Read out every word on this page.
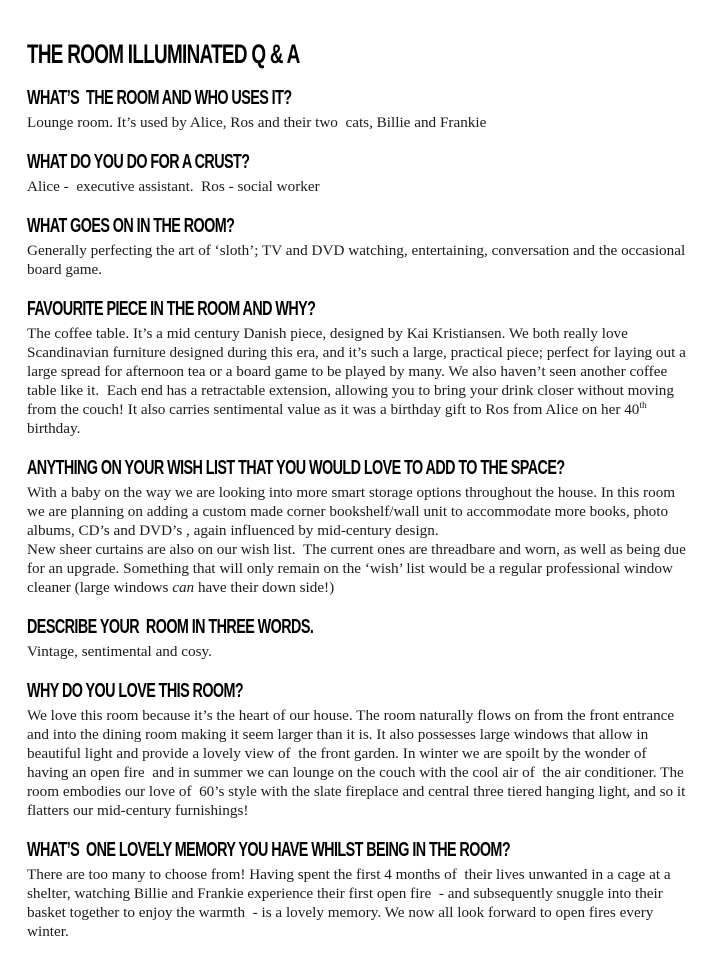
THE ROOM ILLUMINATED Q & A
WHAT’S  THE ROOM AND WHO USES IT?

Lounge room. It’s used by Alice, Ros and their two  cats, Billie and Frankie

WHAT DO YOU DO FOR A CRUST?

Alice -  executive assistant.  Ros - social worker

WHAT GOES ON IN THE ROOM?

Generally perfecting the art of ‘sloth’; TV and DVD watching, entertaining, conversation and the occasional board game.

FAVOURITE PIECE IN THE ROOM AND WHY?

The coffee table. It’s a mid century Danish piece, designed by Kai Kristiansen. We both really love Scandinavian furniture designed during this era, and it’s such a large, practical piece; perfect for laying out a large spread for afternoon tea or a board game to be played by many. We also haven’t seen another coffee table like it.  Each end has a retractable extension, allowing you to bring your drink closer without moving from the couch! It also carries sentimental value as it was a birthday gift to Ros from Alice on her 40th birthday.

ANYTHING ON YOUR WISH LIST THAT YOU WOULD LOVE TO ADD TO THE SPACE?

With a baby on the way we are looking into more smart storage options throughout the house. In this room we are planning on adding a custom made corner bookshelf/wall unit to accommodate more books, photo albums, CD’s and DVD’s , again influenced by mid-century design.

New sheer curtains are also on our wish list.  The current ones are threadbare and worn, as well as being due for an upgrade. Something that will only remain on the ‘wish’ list would be a regular professional window cleaner (large windows can have their down side!)

DESCRIBE YOUR  ROOM IN THREE WORDS.

Vintage, sentimental and cosy.

WHY DO YOU LOVE THIS ROOM?

We love this room because it’s the heart of our house. The room naturally flows on from the front entrance and into the dining room making it seem larger than it is. It also possesses large windows that allow in beautiful light and provide a lovely view of  the front garden. In winter we are spoilt by the wonder of  having an open fire  and in summer we can lounge on the couch with the cool air of  the air conditioner. The room embodies our love of  60’s style with the slate fireplace and central three tiered hanging light, and so it flatters our mid-century furnishings!

WHAT’S  ONE LOVELY MEMORY YOU HAVE WHILST BEING IN THE ROOM?

There are too many to choose from! Having spent the first 4 months of  their lives unwanted in a cage at a shelter, watching Billie and Frankie experience their first open fire  - and subsequently snuggle into their basket together to enjoy the warmth  - is a lovely memory. We now all look forward to open fires every winter.
